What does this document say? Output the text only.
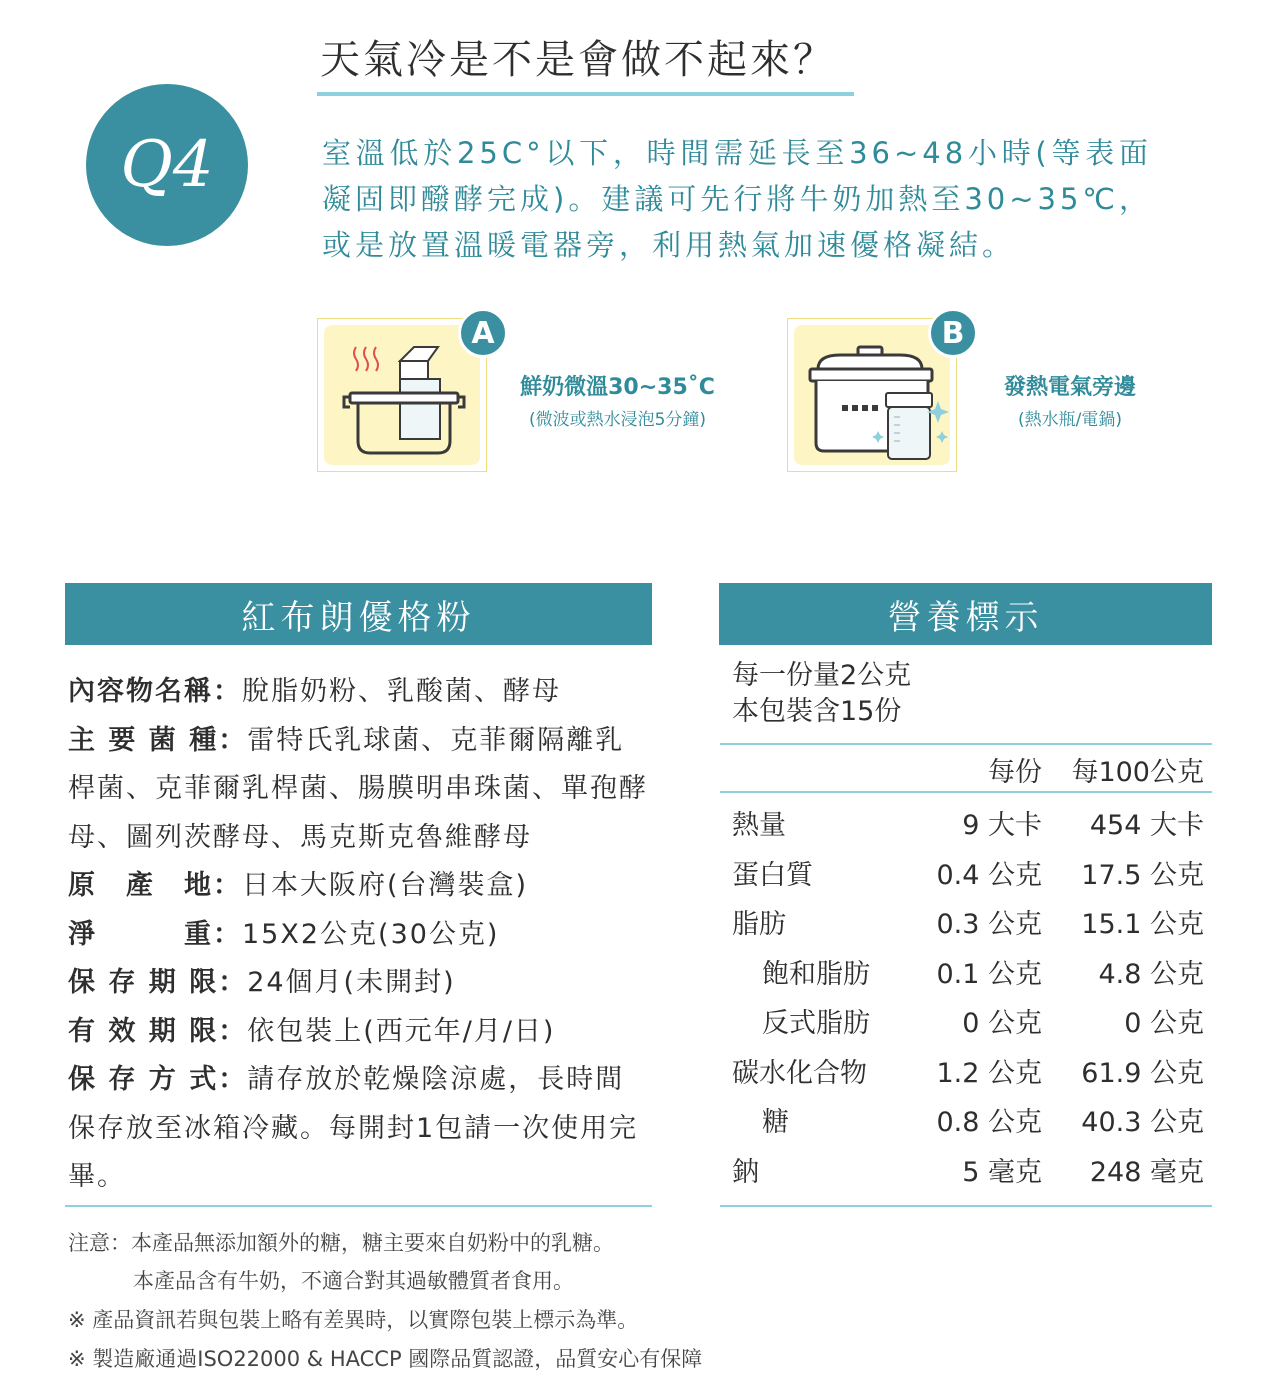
Q4
天氣冷是不是會做不起來？
室溫低於25C°以下，時間需延長至36~48小時(等表面凝固即醱酵完成)。建議可先行將牛奶加熱至30~35℃，或是放置溫暖電器旁，利用熱氣加速優格凝結。
A
鮮奶微溫30~35˚C
(微波或熱水浸泡5分鐘)
B
發熱電氣旁邊
(熱水瓶/電鍋)
紅布朗優格粉
內容物名稱：脫脂奶粉、乳酸菌、酵母
主 要 菌 種：雷特氏乳球菌、克菲爾隔離乳桿菌、克菲爾乳桿菌、腸膜明串珠菌、單孢酵母、圖列茨酵母、馬克斯克魯維酵母
原　產　地：日本大阪府(台灣裝盒)
淨　　　重：15X2公克(30公克)
保 存 期 限：24個月(未開封)
有 效 期 限：依包裝上(西元年/月/日)
保 存 方 式：請存放於乾燥陰涼處，長時間保存放至冰箱冷藏。每開封1包請一次使用完畢。
營養標示
每一份量2公克
本包裝含15份
每份 每100公克
熱量	9 大卡 454 大卡
蛋白質	0.4 公克 17.5 公克
脂肪	0.3 公克 15.1 公克
飽和脂肪 0.1 公克 4.8 公克
反式脂肪	0 公克	0 公克
碳水化合物	1.2 公克 61.9 公克
糖	0.8 公克 40.3 公克
鈉	5 毫克 248 毫克
注意：本產品無添加額外的糖，糖主要來自奶粉中的乳糖。
本產品含有牛奶，不適合對其過敏體質者食用。
※ 產品資訊若與包裝上略有差異時，以實際包裝上標示為準。
※ 製造廠通過ISO22000 & HACCP 國際品質認證，品質安心有保障
